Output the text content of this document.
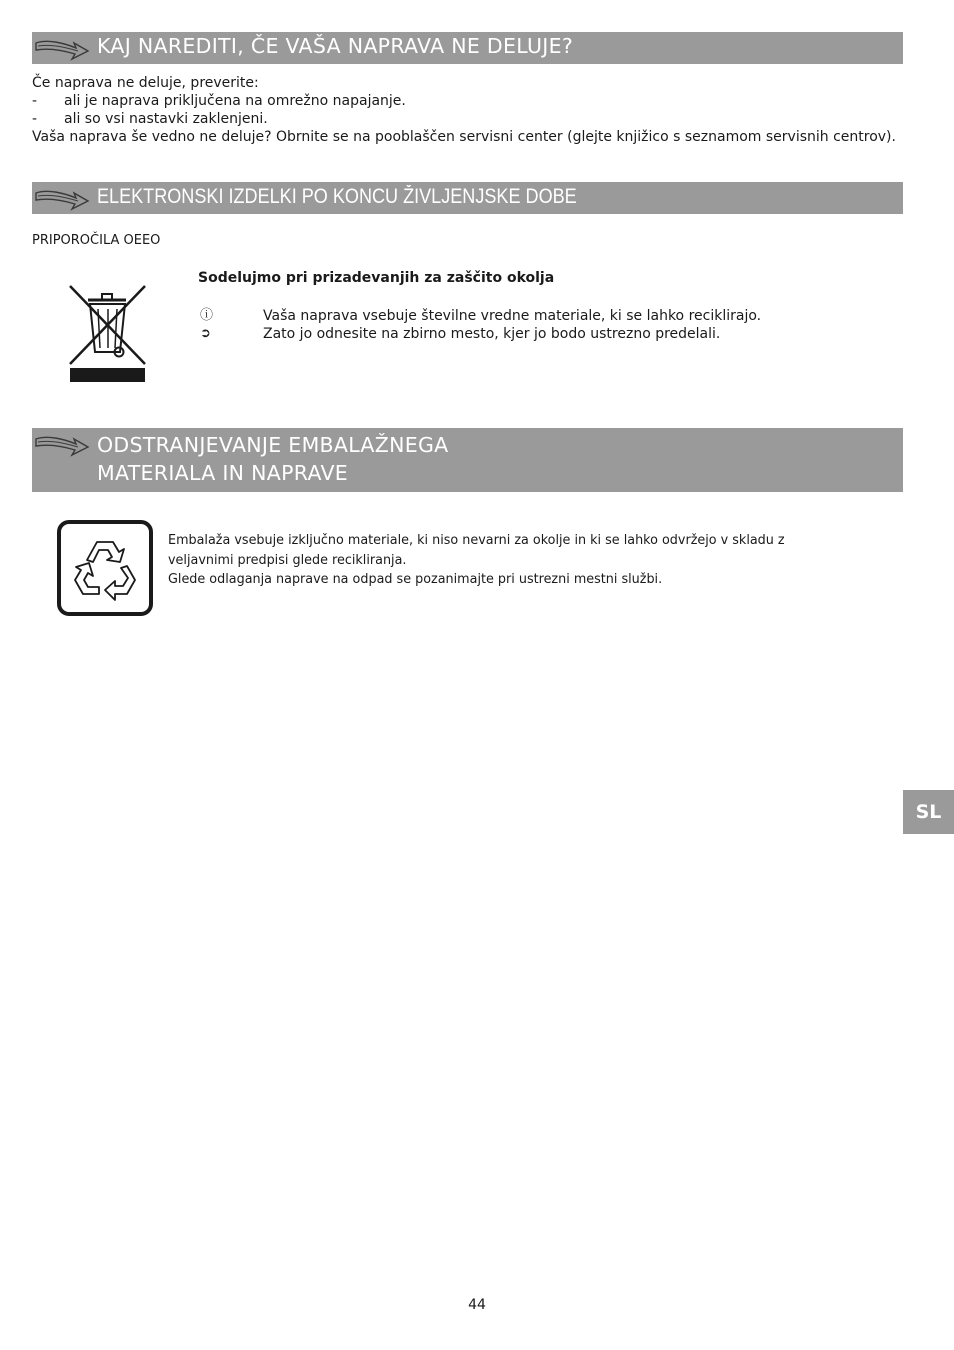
KAJ NAREDITI, ČE VAŠA NAPRAVA NE DELUJE?
Če naprava ne deluje, preverite:
- ali je naprava priključena na omrežno napajanje.
- ali so vsi nastavki zaklenjeni.
Vaša naprava še vedno ne deluje? Obrnite se na pooblaščen servisni center (glejte knjižico s seznamom servisnih centrov).
ELEKTRONSKI IZDELKI PO KONCU ŽIVLJENJSKE DOBE
PRIPOROČILA OEEO
Sodelujmo pri prizadevanjih za zaščito okolja
ⓘ	Vaša naprava vsebuje številne vredne materiale, ki se lahko reciklirajo.
➲	Zato jo odnesite na zbirno mesto, kjer jo bodo ustrezno predelali.
ODSTRANJEVANJE EMBALAŽNEGA
MATERIALA IN NAPRAVE
Embalaža vsebuje izključno materiale, ki niso nevarni za okolje in ki se lahko odvržejo v skladu z veljavnimi predpisi glede recikliranja.
Glede odlaganja naprave na odpad se pozanimajte pri ustrezni mestni službi.
SL
44
